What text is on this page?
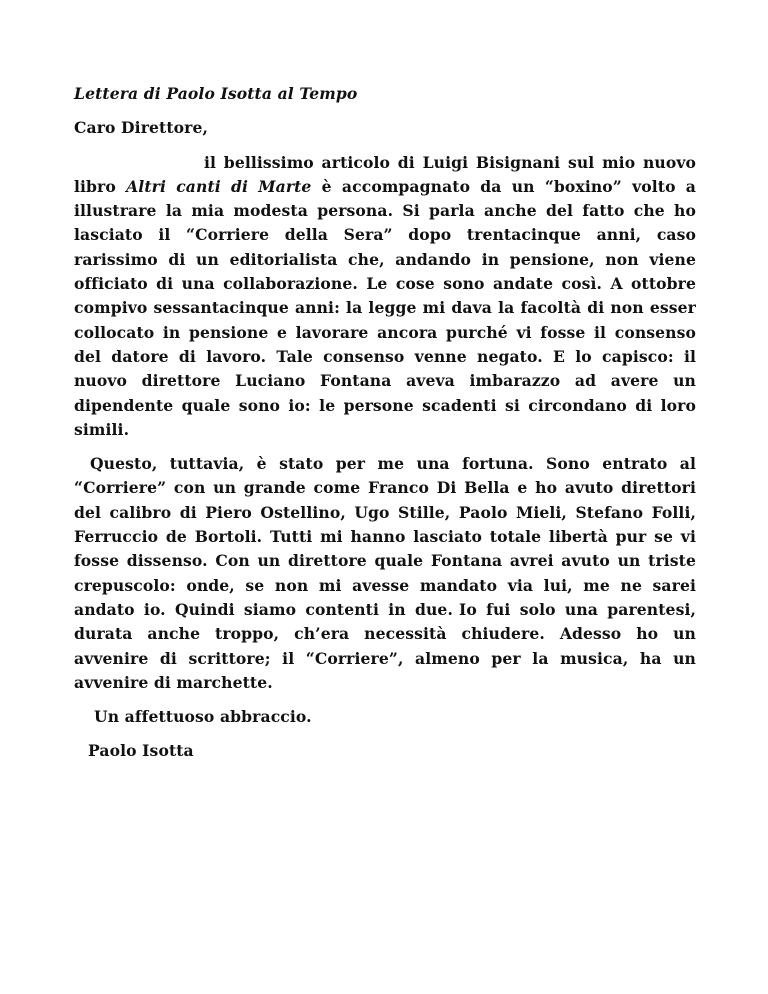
Lettera di Paolo Isotta al Tempo

Caro Direttore,

il bellissimo articolo di Luigi Bisignani sul mio nuovo libro Altri canti di Marte è accompagnato da un “boxino” volto a illustrare la mia modesta persona. Si parla anche del fatto che ho lasciato il “Corriere della Sera” dopo trentacinque anni, caso rarissimo di un editorialista che, andando in pensione, non viene officiato di una collaborazione. Le cose sono andate così. A ottobre compivo sessantacinque anni: la legge mi dava la facoltà di non esser collocato in pensione e lavorare ancora purché vi fosse il consenso del datore di lavoro. Tale consenso venne negato. E lo capisco: il nuovo direttore Luciano Fontana aveva imbarazzo ad avere un dipendente quale sono io: le persone scadenti si circondano di loro simili.

Questo, tuttavia, è stato per me una fortuna. Sono entrato al “Corriere” con un grande come Franco Di Bella e ho avuto direttori del calibro di Piero Ostellino, Ugo Stille, Paolo Mieli, Stefano Folli, Ferruccio de Bortoli. Tutti mi hanno lasciato totale libertà pur se vi fosse dissenso. Con un direttore quale Fontana avrei avuto un triste crepuscolo: onde, se non mi avesse mandato via lui, me ne sarei andato io. Quindi siamo contenti in due. Io fui solo una parentesi, durata anche troppo, ch’era necessità chiudere. Adesso ho un avvenire di scrittore; il “Corriere”, almeno per la musica, ha un avvenire di marchette.

Un affettuoso abbraccio.

Paolo Isotta
